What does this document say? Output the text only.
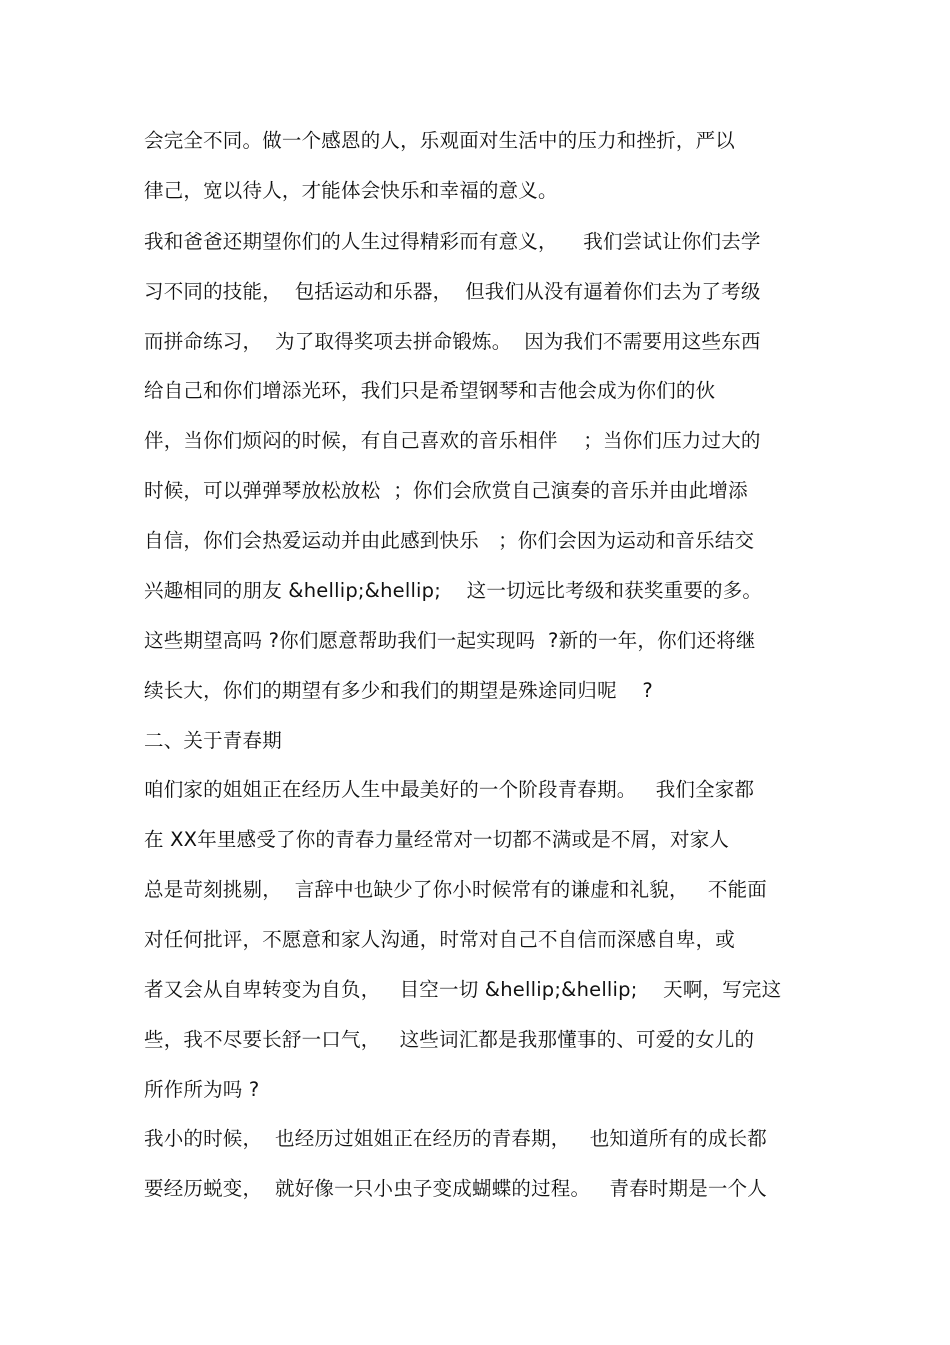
会完全不同。做一个感恩的人，乐观面对生活中的压力和挫折，严以
律己，宽以待人，才能体会快乐和幸福的意义。
我和爸爸还期望你们的人生过得精彩而有意义，    我们尝试让你们去学
习不同的技能，  包括运动和乐器，  但我们从没有逼着你们去为了考级
而拼命练习，  为了取得奖项去拼命锻炼。  因为我们不需要用这些东西
给自己和你们增添光环，我们只是希望钢琴和吉他会成为你们的伙
伴，当你们烦闷的时候，有自己喜欢的音乐相伴    ；当你们压力过大的
时候，可以弹弹琴放松放松  ；你们会欣赏自己演奏的音乐并由此增添
自信，你们会热爱运动并由此感到快乐   ；你们会因为运动和音乐结交
兴趣相同的朋友 &hellip;&hellip;    这一切远比考级和获奖重要的多。
这些期望高吗 ?你们愿意帮助我们一起实现吗  ?新的一年，你们还将继
续长大，你们的期望有多少和我们的期望是殊途同归呢    ?
二、关于青春期
咱们家的姐姐正在经历人生中最美好的一个阶段青春期。   我们全家都
在 XX年里感受了你的青春力量经常对一切都不满或是不屑，对家人
总是苛刻挑剔，  言辞中也缺少了你小时候常有的谦虚和礼貌，   不能面
对任何批评，不愿意和家人沟通，时常对自己不自信而深感自卑，或
者又会从自卑转变为自负，   目空一切 &hellip;&hellip;    天啊，写完这
些，我不尽要长舒一口气，   这些词汇都是我那懂事的、可爱的女儿的
所作所为吗 ?
我小的时候，  也经历过姐姐正在经历的青春期，   也知道所有的成长都
要经历蜕变，  就好像一只小虫子变成蝴蝶的过程。   青春时期是一个人
